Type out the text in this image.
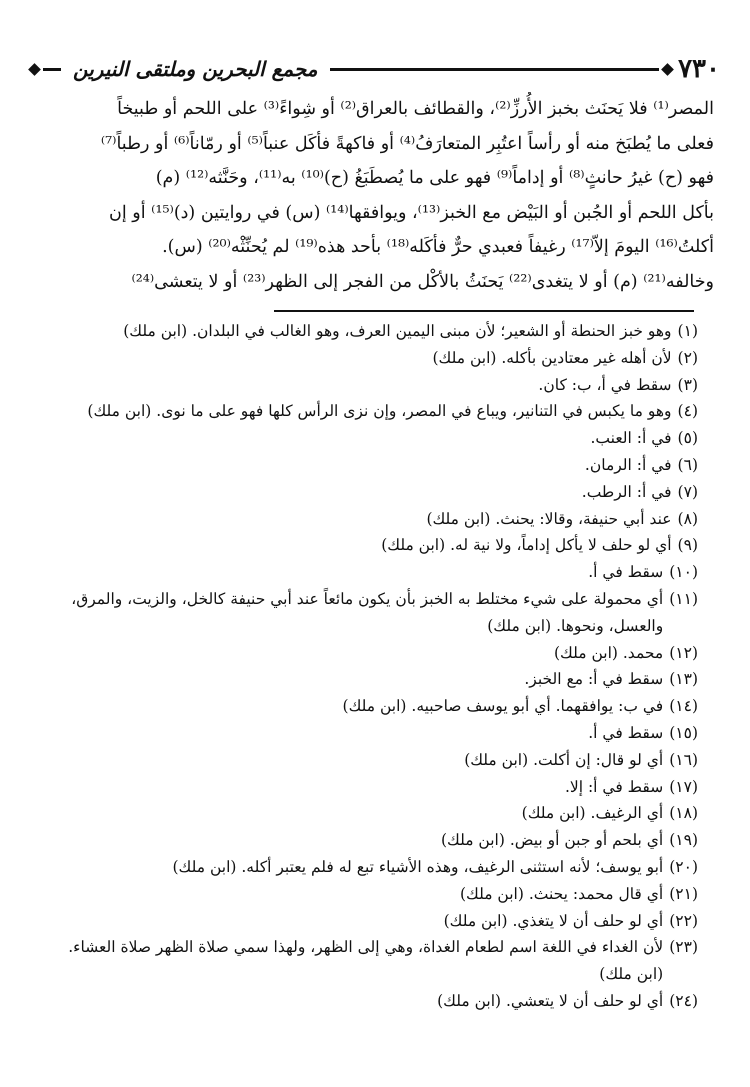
٧٣٠
مجمع البحرين وملتقى النيرين
المصر⁽¹⁾ فلا يَحنَث بخبز الأُرزِّ⁽²⁾، والقطائف بالعراق⁽²⁾ أو شِواءً⁽³⁾ على اللحم أو طبيخاً
فعلى ما يُطبَخ منه أو رأساً اعتُبِر المتعارَفُ⁽⁴⁾ أو فاكهةً فأكَل عنباً⁽⁵⁾ أو رمّاناً⁽⁶⁾ أو رطباً⁽⁷⁾
فهو (ح) غيرُ حانثٍ⁽⁸⁾ أو إداماً⁽⁹⁾ فهو على ما يُصطَبَغُ (ح)⁽¹⁰⁾ به⁽¹¹⁾، وحَنَّثه⁽¹²⁾ (م)
بأكل اللحم أو الجُبن أو البَيْض مع الخبز⁽¹³⁾، ويوافقها⁽¹⁴⁾ (س) في روايتين (د)⁽¹⁵⁾ أو إن
أكلتُ⁽¹⁶⁾ اليومَ إلاّ⁽¹⁷⁾ رغيفاً فعبدي حرٌّ فأكَله⁽¹⁸⁾ بأحد هذه⁽¹⁹⁾ لم يُحنِّثْه⁽²⁰⁾ (س).
وخالفه⁽²¹⁾ (م) أو لا يتغدى⁽²²⁾ يَحنَثُ بالأكْل من الفجر إلى الظهر⁽²³⁾ أو لا يتعشى⁽²⁴⁾
(١)
وهو خبز الحنطة أو الشعير؛ لأن مبنى اليمين العرف، وهو الغالب في البلدان. (ابن ملك)
(٢)
لأن أهله غير معتادين بأكله. (ابن ملك)
(٣)
سقط في أ، ب: كان.
(٤)
وهو ما يكبس في التنانير، ويباع في المصر، وإن نزى الرأس كلها فهو على ما نوى. (ابن ملك)
(٥)
في أ: العنب.
(٦)
في أ: الرمان.
(٧)
في أ: الرطب.
(٨)
عند أبي حنيفة، وقالا: يحنث. (ابن ملك)
(٩)
أي لو حلف لا يأكل إداماً، ولا نية له. (ابن ملك)
(١٠)
سقط في أ.
(١١)
أي محمولة على شيء مختلط به الخبز بأن يكون مائعاً عند أبي حنيفة كالخل، والزيت، والمرق، والعسل، ونحوها. (ابن ملك)
(١٢)
محمد. (ابن ملك)
(١٣)
سقط في أ: مع الخبز.
(١٤)
في ب: يوافقهما. أي أبو يوسف صاحبيه. (ابن ملك)
(١٥)
سقط في أ.
(١٦)
أي لو قال: إن أكلت. (ابن ملك)
(١٧)
سقط في أ: إلا.
(١٨)
أي الرغيف. (ابن ملك)
(١٩)
أي بلحم أو جبن أو بيض. (ابن ملك)
(٢٠)
أبو يوسف؛ لأنه استثنى الرغيف، وهذه الأشياء تبع له فلم يعتبر أكله. (ابن ملك)
(٢١)
أي قال محمد: يحنث. (ابن ملك)
(٢٢)
أي لو حلف أن لا يتغذي. (ابن ملك)
(٢٣)
لأن الغداء في اللغة اسم لطعام الغداة، وهي إلى الظهر، ولهذا سمي صلاة الظهر صلاة العشاء. (ابن ملك)
(٢٤)
أي لو حلف أن لا يتعشي. (ابن ملك)
